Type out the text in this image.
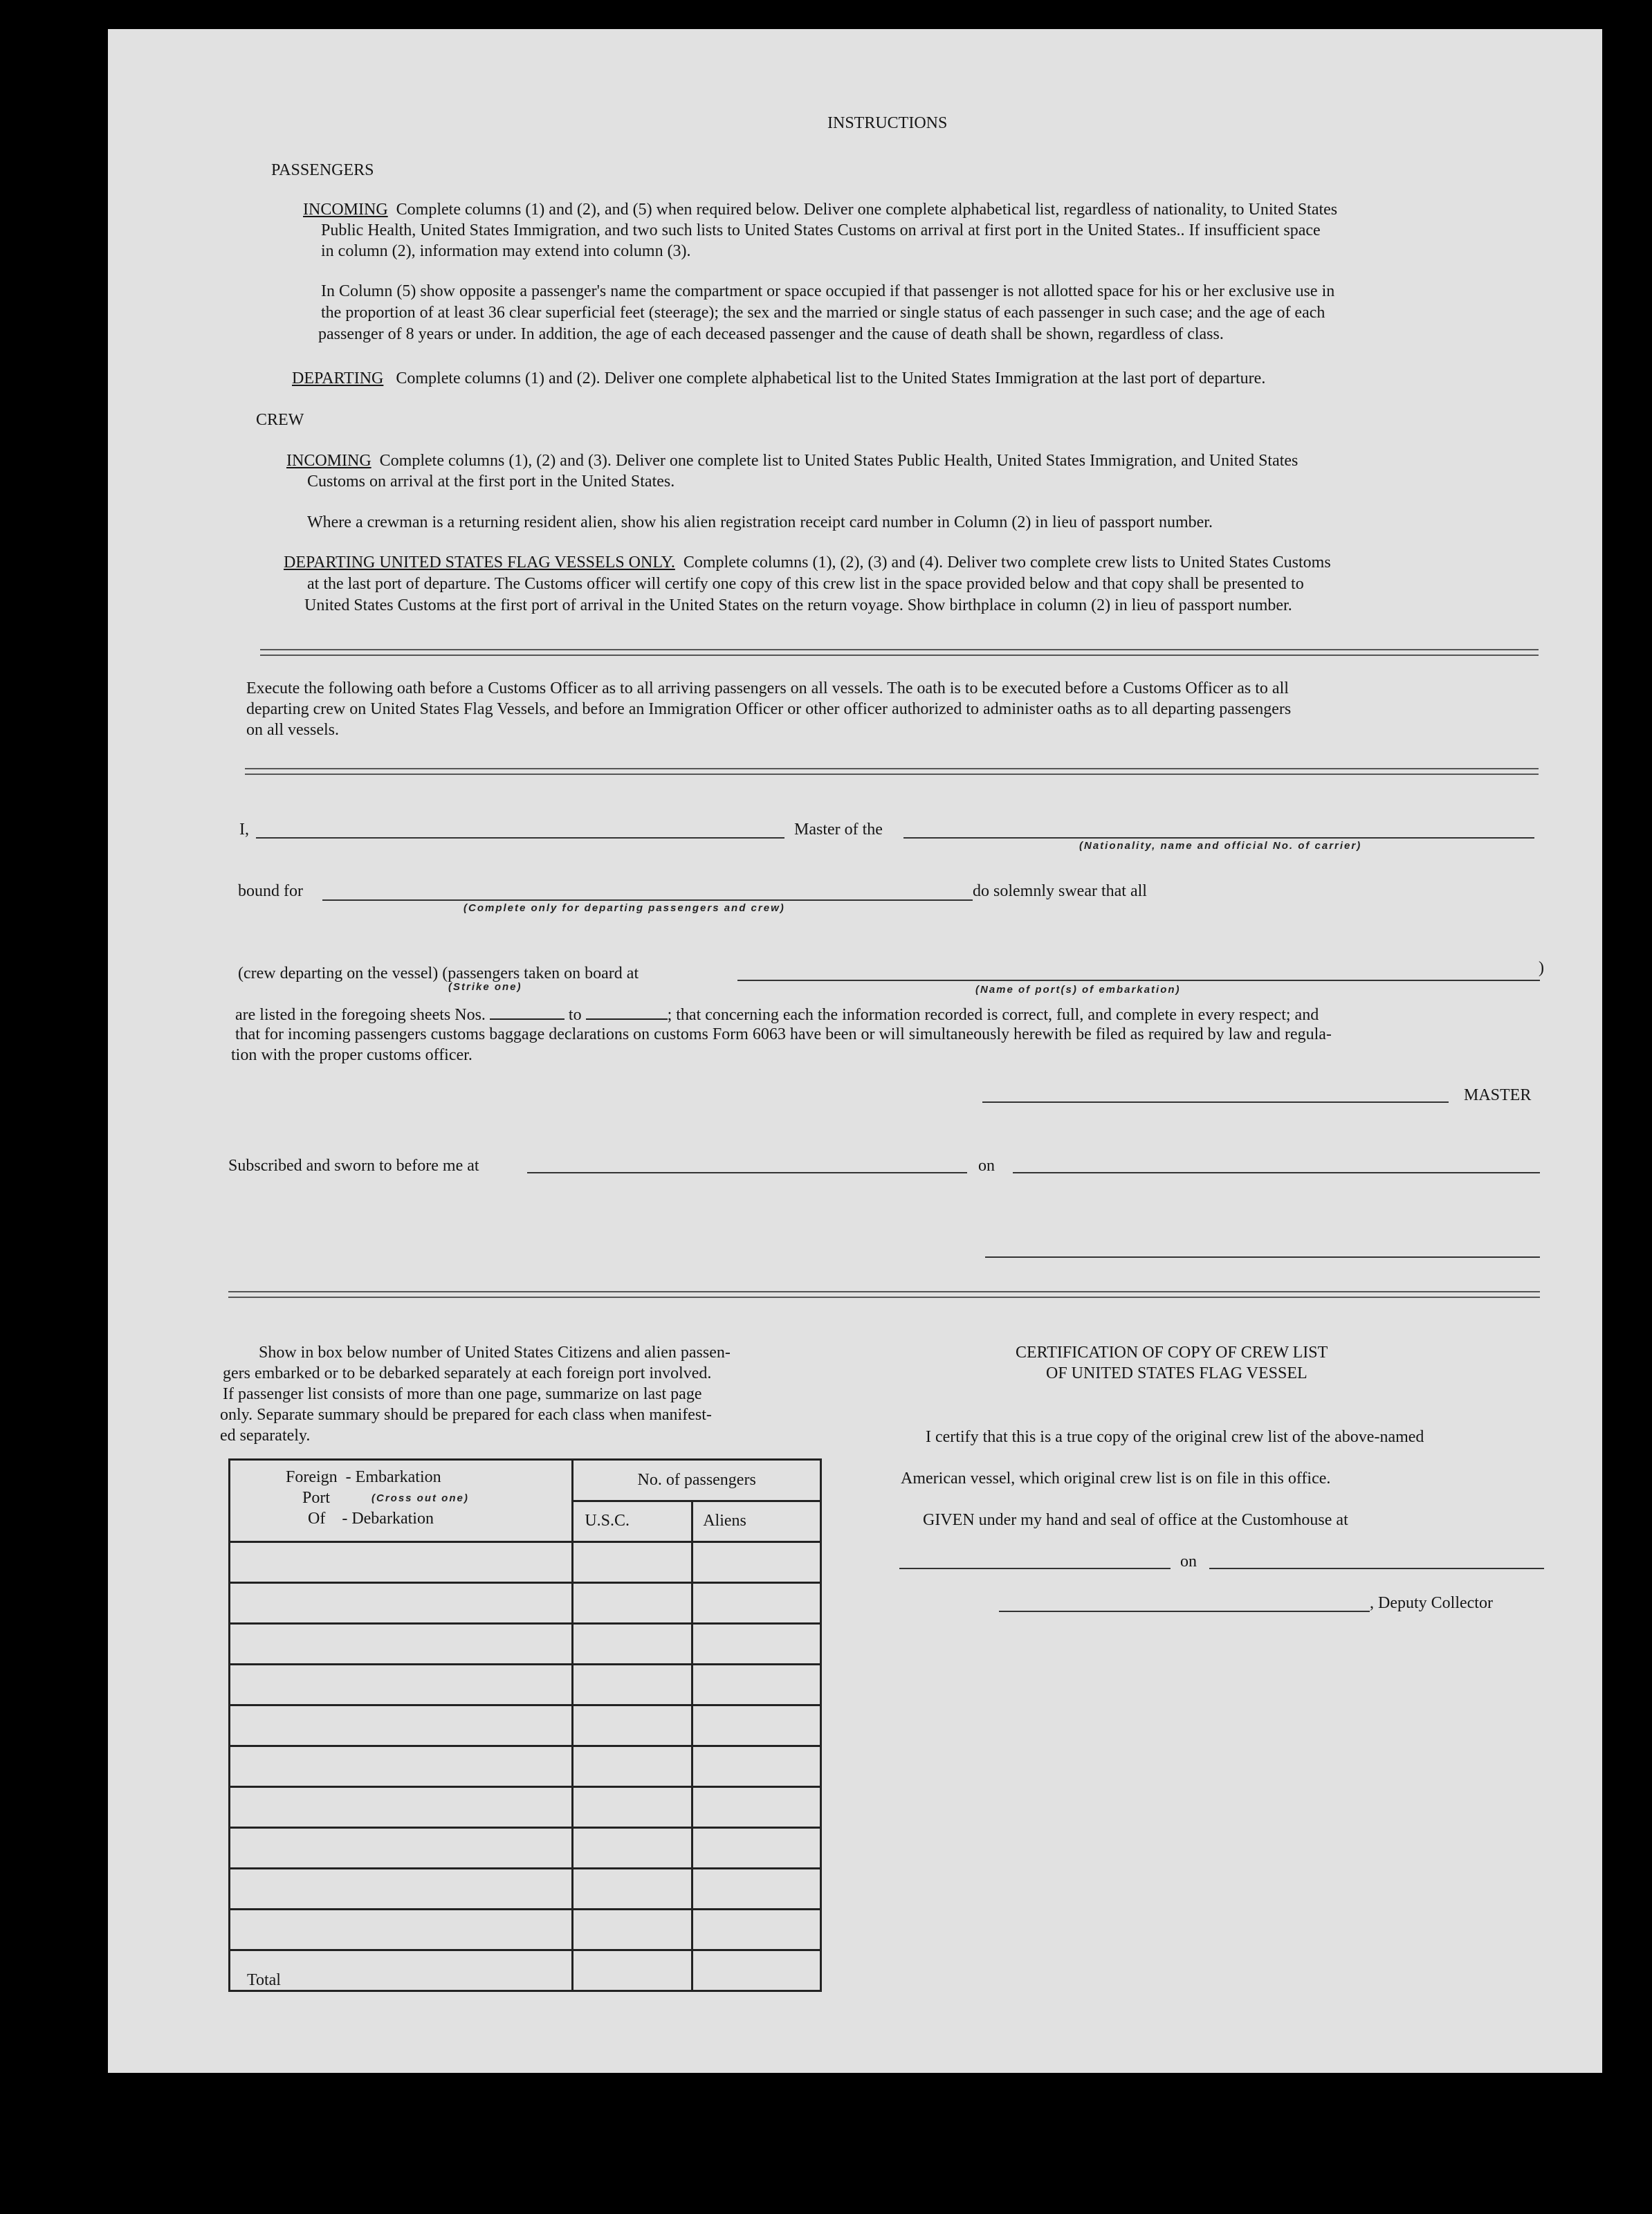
INSTRUCTIONS
PASSENGERS
INCOMING Complete columns (1) and (2), and (5) when required below. Deliver one complete alphabetical list, regardless of nationality, to United States
Public Health, United States Immigration, and two such lists to United States Customs on arrival at first port in the United States.. If insufficient space
in column (2), information may extend into column (3).
In Column (5) show opposite a passenger's name the compartment or space occupied if that passenger is not allotted space for his or her exclusive use in
the proportion of at least 36 clear superficial feet (steerage); the sex and the married or single status of each passenger in such case; and the age of each
passenger of 8 years or under. In addition, the age of each deceased passenger and the cause of death shall be shown, regardless of class.
DEPARTING Complete columns (1) and (2). Deliver one complete alphabetical list to the United States Immigration at the last port of departure.
CREW
INCOMING Complete columns (1), (2) and (3). Deliver one complete list to United States Public Health, United States Immigration, and United States
Customs on arrival at the first port in the United States.
Where a crewman is a returning resident alien, show his alien registration receipt card number in Column (2) in lieu of passport number.
DEPARTING UNITED STATES FLAG VESSELS ONLY. Complete columns (1), (2), (3) and (4). Deliver two complete crew lists to United States Customs
at the last port of departure. The Customs officer will certify one copy of this crew list in the space provided below and that copy shall be presented to
United States Customs at the first port of arrival in the United States on the return voyage. Show birthplace in column (2) in lieu of passport number.
Execute the following oath before a Customs Officer as to all arriving passengers on all vessels. The oath is to be executed before a Customs Officer as to all
departing crew on United States Flag Vessels, and before an Immigration Officer or other officer authorized to administer oaths as to all departing passengers
on all vessels.
I,	Master of the
(Nationality, name and official No. of carrier)
bound for	do solemnly swear that all
(Complete only for departing passengers and crew)
(crew departing on the vessel) (passengers taken on board at	)
(Strike one)	(Name of port(s) of embarkation)
are listed in the foregoing sheets Nos.	to	; that concerning each the information recorded is correct, full, and complete in every respect; and
that for incoming passengers customs baggage declarations on customs Form 6063 have been or will simultaneously herewith be filed as required by law and regula-
tion with the proper customs officer.
MASTER
Subscribed and sworn to before me at	on
Show in box below number of United States Citizens and alien passen-
gers embarked or to be debarked separately at each foreign port involved.
If passenger list consists of more than one page, summarize on last page
only. Separate summary should be prepared for each class when manifest-
ed separately.
Foreign - Embarkation
Port (Cross out one)
Of - Debarkation	No. of passengers	
	U.S.C.	Aliens

Total		
CERTIFICATION OF COPY OF CREW LIST
OF UNITED STATES FLAG VESSEL
I certify that this is a true copy of the original crew list of the above-named
American vessel, which original crew list is on file in this office.
GIVEN under my hand and seal of office at the Customhouse at
on
, Deputy Collector
